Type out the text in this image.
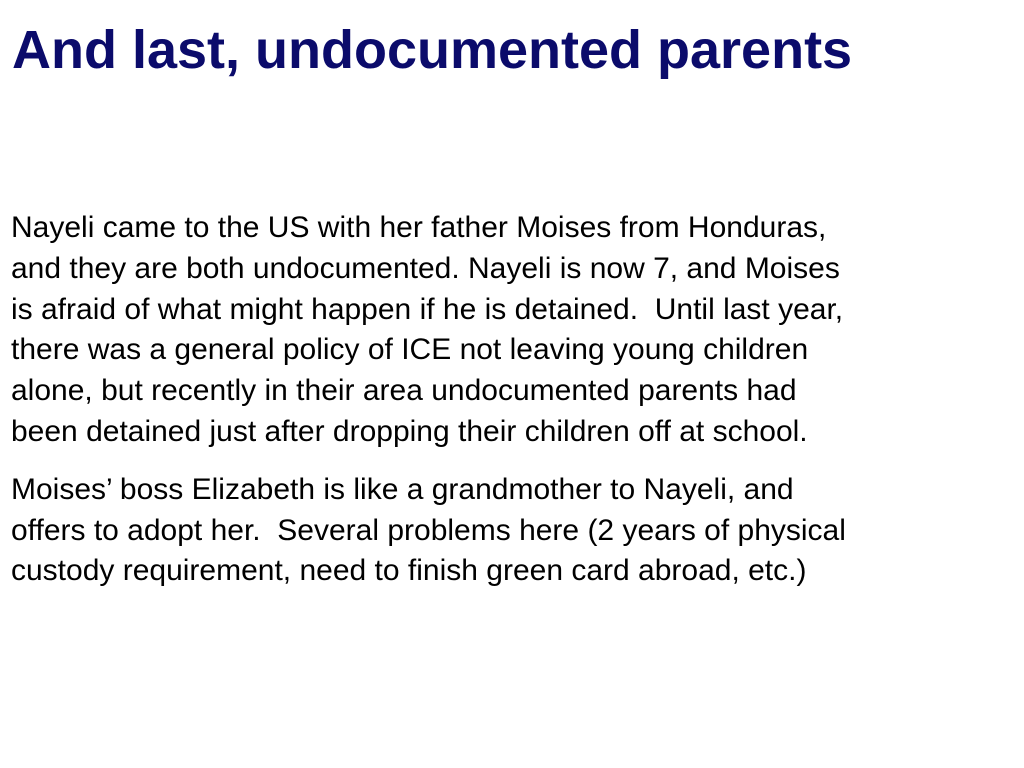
And last, undocumented parents

Nayeli came to the US with her father Moises from Honduras,
and they are both undocumented. Nayeli is now 7, and Moises
is afraid of what might happen if he is detained.  Until last year,
there was a general policy of ICE not leaving young children
alone, but recently in their area undocumented parents had
been detained just after dropping their children off at school.

Moises’ boss Elizabeth is like a grandmother to Nayeli, and
offers to adopt her.  Several problems here (2 years of physical
custody requirement, need to finish green card abroad, etc.)
